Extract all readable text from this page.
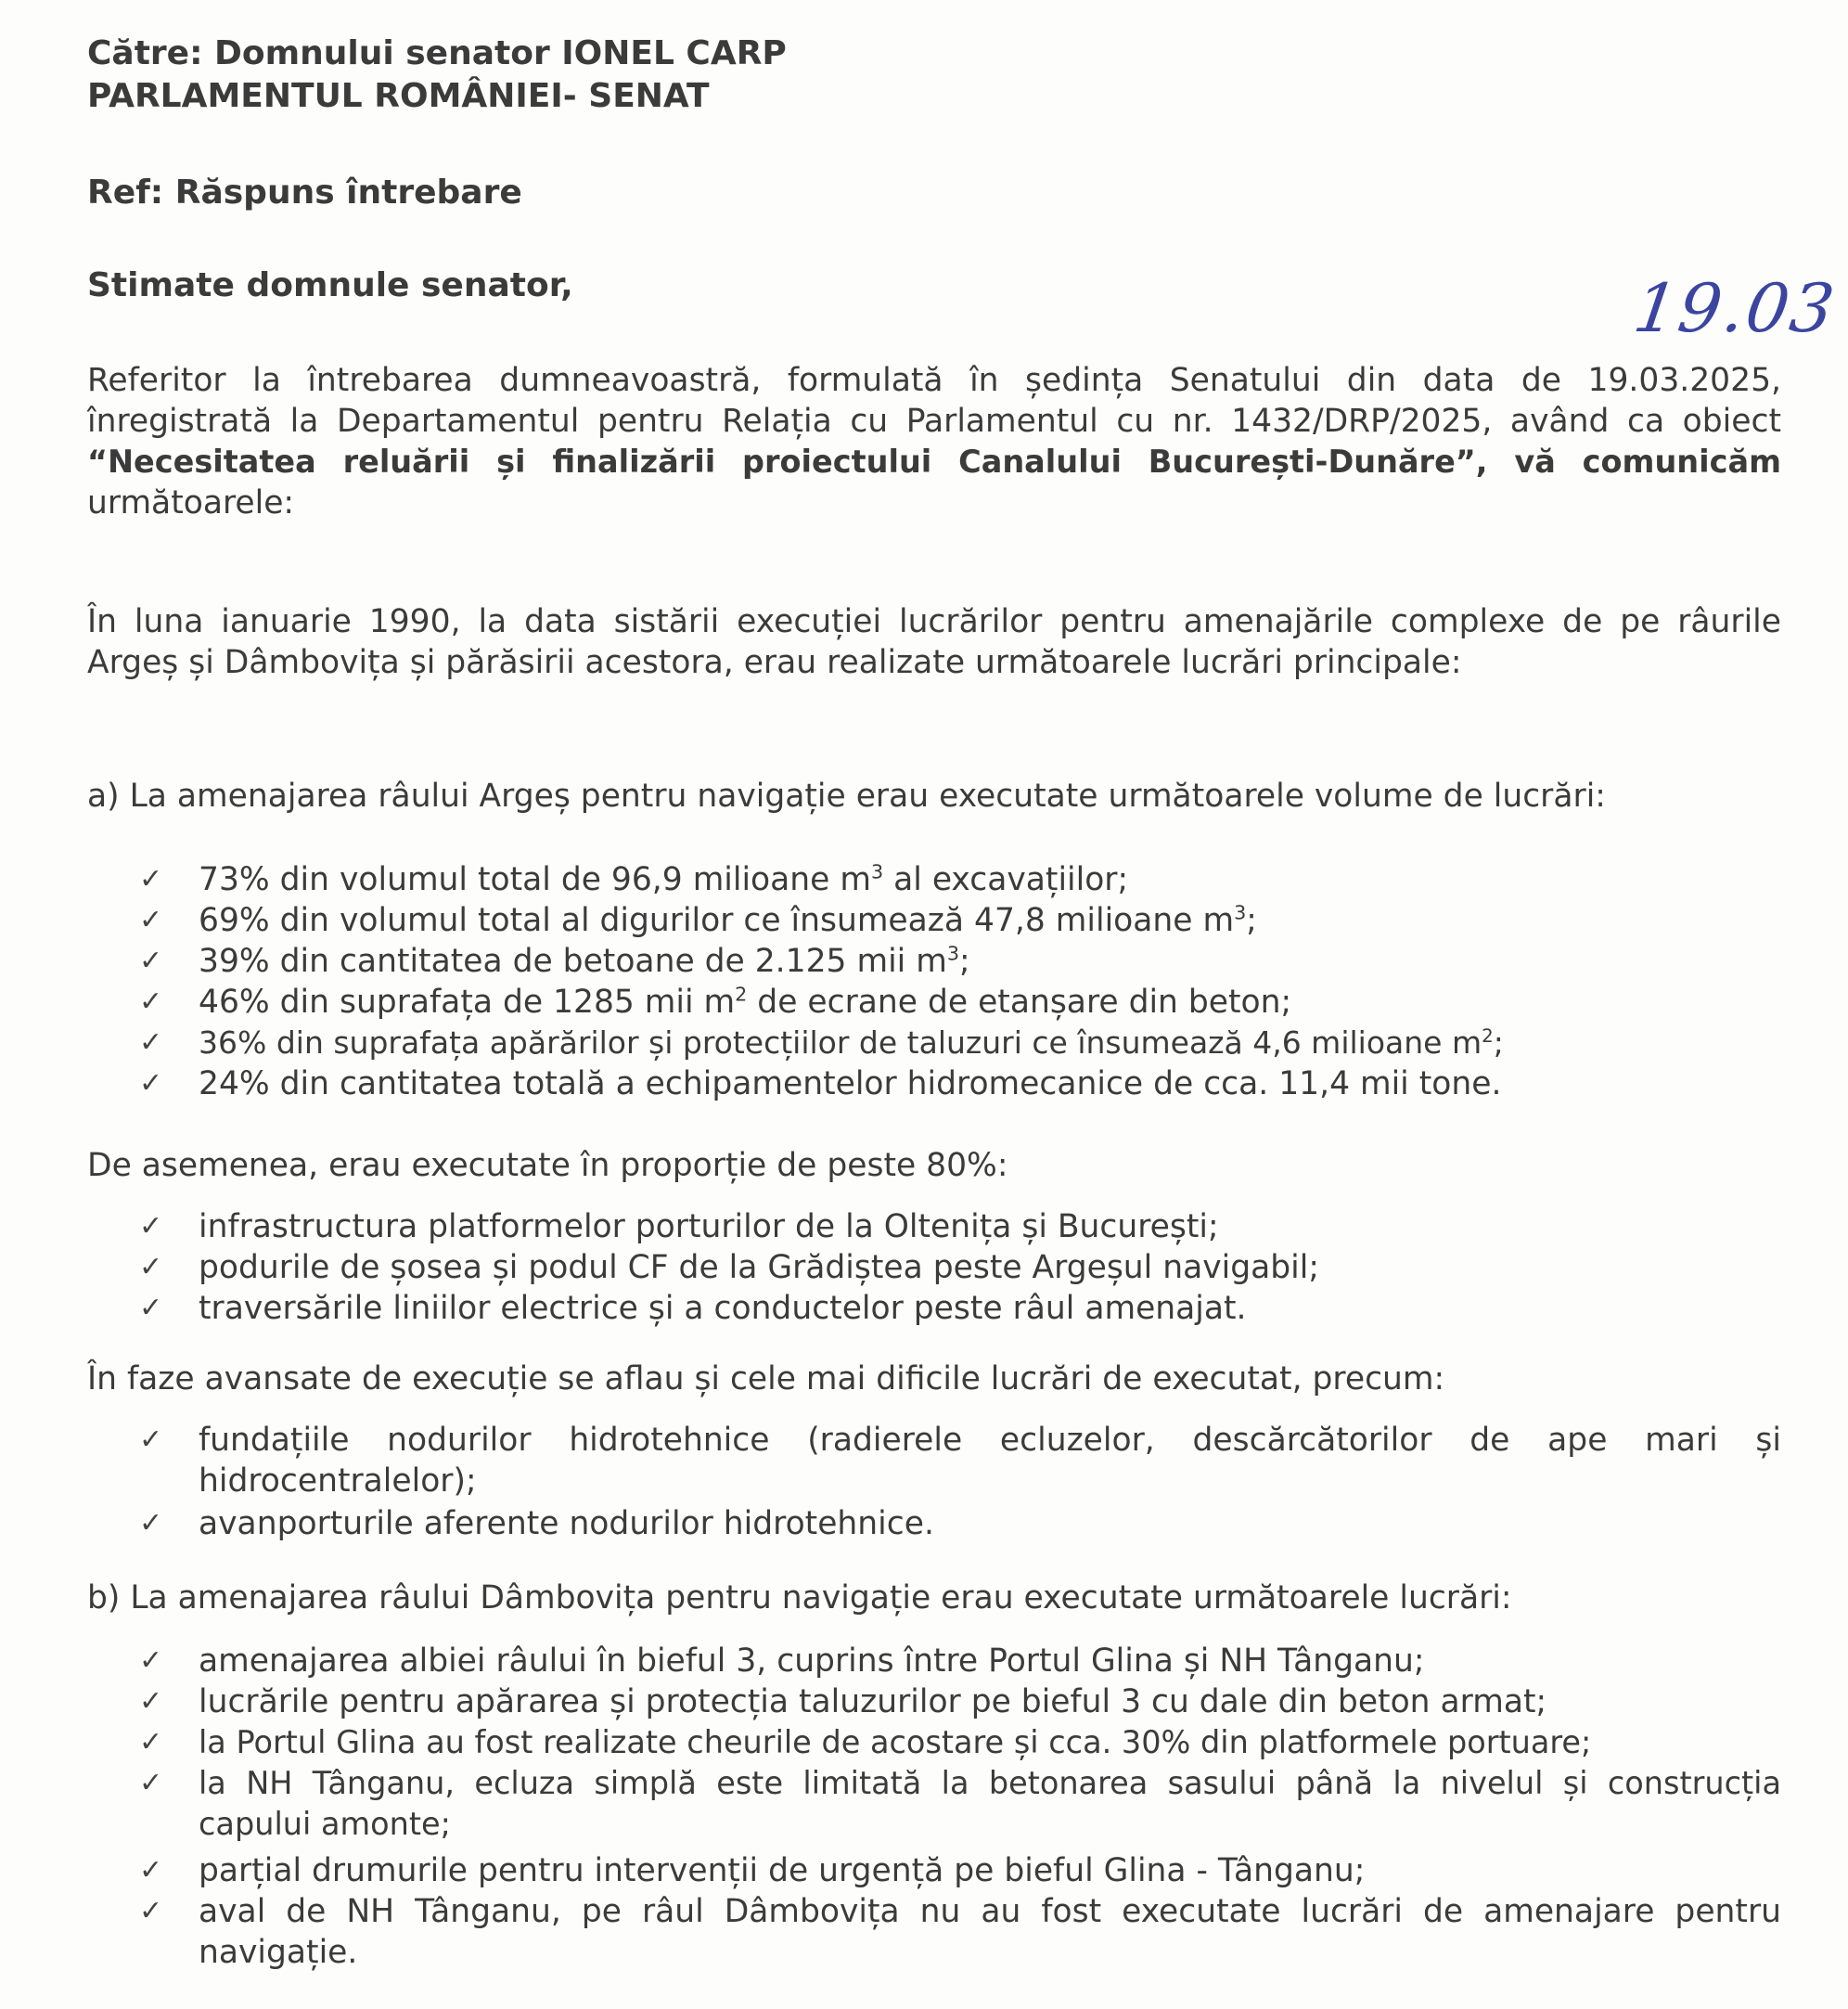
Către: Domnului senator IONEL CARP
PARLAMENTUL ROMÂNIEI- SENAT
Ref: Răspuns întrebare
Stimate domnule senator,	19.03
Referitor la întrebarea dumneavoastră, formulată în ședința Senatului din data de 19.03.2025,
înregistrată la Departamentul pentru Relația cu Parlamentul cu nr. 1432/DRP/2025, având ca obiect
“Necesitatea reluării și finalizării proiectului Canalului București-Dunăre”, vă comunicăm
următoarele:
În luna ianuarie 1990, la data sistării execuției lucrărilor pentru amenajările complexe de pe râurile
Argeș și Dâmbovița și părăsirii acestora, erau realizate următoarele lucrări principale:
a) La amenajarea râului Argeș pentru navigație erau executate următoarele volume de lucrări:
✓	73% din volumul total de 96,9 milioane $m^3$ al excavațiilor;
✓	69% din volumul total al digurilor ce însumează 47,8 milioane $m^3$;
✓	39% din cantitatea de betoane de 2.125 mii $m^3$;
✓	46% din suprafața de 1285 mii $m^2$ de ecrane de etanșare din beton;
✓	36% din suprafața apărărilor și protecțiilor de taluzuri ce însumează 4,6 milioane $m^2$;
✓	24% din cantitatea totală a echipamentelor hidromecanice de cca. 11,4 mii tone.
De asemenea, erau executate în proporție de peste 80%:
✓	infrastructura platformelor porturilor de la Oltenița și București;
✓	podurile de șosea și podul CF de la Grădiștea peste Argeșul navigabil;
✓	traversările liniilor electrice și a conductelor peste râul amenajat.
În faze avansate de execuție se aflau și cele mai dificile lucrări de executat, precum:
✓	fundațiile nodurilor hidrotehnice (radierele ecluzelor, descărcătorilor de ape mari și
hidrocentralelor);
✓	avanporturile aferente nodurilor hidrotehnice.
b) La amenajarea râului Dâmbovița pentru navigație erau executate următoarele lucrări:
✓	amenajarea albiei râului în bieful 3, cuprins între Portul Glina și NH Tânganu;
✓	lucrările pentru apărarea și protecția taluzurilor pe bieful 3 cu dale din beton armat;
✓	la Portul Glina au fost realizate cheurile de acostare și cca. 30% din platformele portuare;
✓	la NH Tânganu, ecluza simplă este limitată la betonarea sasului până la nivelul și construcția
capului amonte;
✓	parțial drumurile pentru intervenții de urgență pe bieful Glina - Tânganu;
✓	aval de NH Tânganu, pe râul Dâmbovița nu au fost executate lucrări de amenajare pentru
navigație.
